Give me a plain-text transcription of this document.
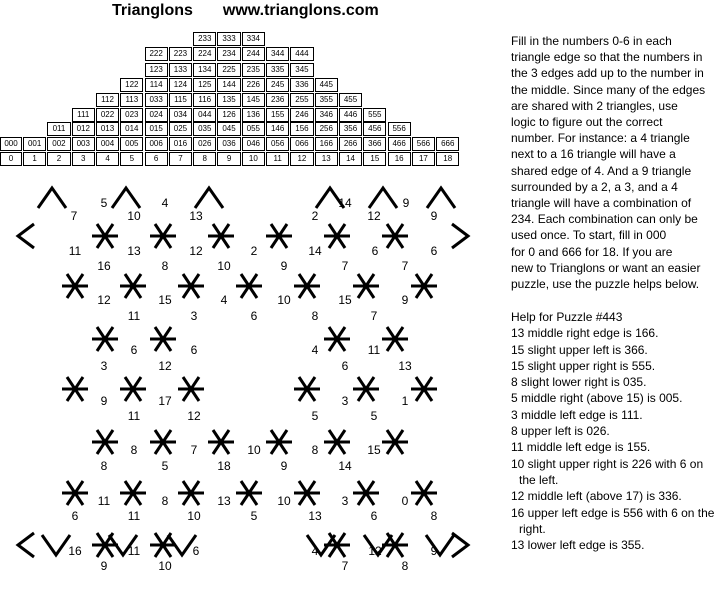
Trianglons www.trianglons.com
233	333	334
222	223	224	234	244	344	444
123	133	134	225	235	335	345
122	114	124	125	144	226	245	336	445
112	113	033	115	116	135	145	236	255	355	455
111	022	023	024	034	044	126	136	155	246	346	446	555
011	012	013	014	015	025	035	045	055	146	156	256	356	456	556
000	001	002	003	004	005	006	016	026	036	046	056	066	166	266	366	466	566	666
0	1	2	3	4	5	6	7	8	9	10	11	12	13	14	15	16	17	18
5	4
7	10	13	2
14	9
12	9
11	13	12	2	14	6	6
16	8	10	9	7	7
12	15	4	10	15	9
11	3	6	8	7
6	6	4	11
3	12	6	13
9	17	3	1
11	12	5	5
8	7	10	8	15
8	5	18	9	14
11	8	13	10	3	0
6	11	10	5	13	6	8
16	11	6	4	12	9
9	10	7	8
Fill in the numbers 0-6 in each
triangle edge so that the numbers in
the 3 edges add up to the number in
the middle. Since many of the edges
are shared with 2 triangles, use
logic to figure out the correct
number. For instance: a 4 triangle
next to a 16 triangle will have a
shared edge of 4. And a 9 triangle
surrounded by a 2, a 3, and a 4
triangle will have a combination of
234. Each combination can only be
used once. To start, fill in 000
for 0 and 666 for 18. If you are
new to Trianglons or want an easier
puzzle, use the puzzle helps below.
Help for Puzzle #443
13 middle right edge is 166.
15 slight upper left is 366.
15 slight upper right is 555.
8 slight lower right is 035.
5 middle right (above 15) is 005.
3 middle left edge is 111.
8 upper left is 026.
11 middle left edge is 155.
10 slight upper right is 226 with 6 on the left.
12 middle left (above 17) is 336.
16 upper left edge is 556 with 6 on the right.
13 lower left edge is 355.
